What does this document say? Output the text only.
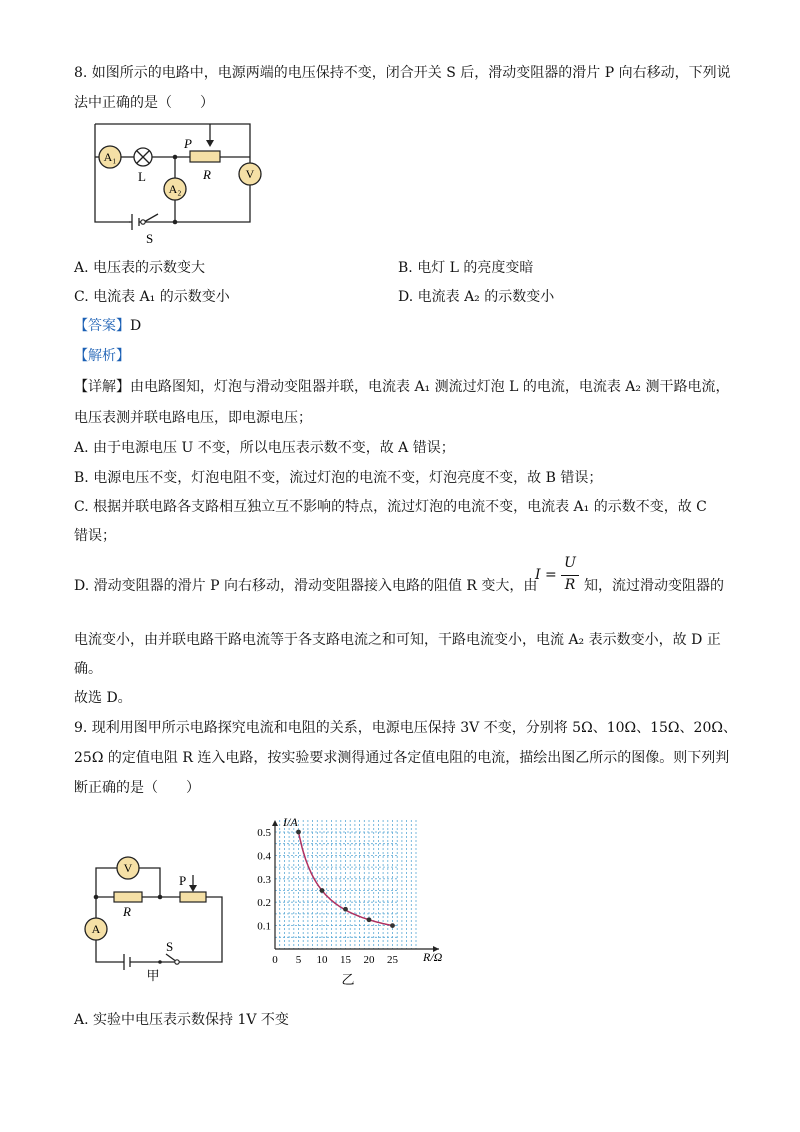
8. 如图所示的电路中，电源两端的电压保持不变，闭合开关 S 后，滑动变阻器的滑片 P 向右移动，下列说
法中正确的是（　　）
A₁
A₂
V
L
P
R
S
A. 电压表的示数变大	B. 电灯 L 的亮度变暗
C. 电流表 A₁ 的示数变小	D. 电流表 A₂ 的示数变小
【答案】D
【解析】
【详解】由电路图知，灯泡与滑动变阻器并联，电流表 A₁ 测流过灯泡 L 的电流，电流表 A₂ 测干路电流，
电压表测并联电路电压，即电源电压；
A. 由于电源电压 U 不变，所以电压表示数不变，故 A 错误；
B. 电源电压不变，灯泡电阻不变，流过灯泡的电流不变，灯泡亮度不变，故 B 错误；
C. 根据并联电路各支路相互独立互不影响的特点，流过灯泡的电流不变，电流表 A₁ 的示数不变，故 C
错误；
D. 滑动变阻器的滑片 P 向右移动，滑动变阻器接入电路的阻值 R 变大，由
I =
U
R 知，流过滑动变阻器的
电流变小，由并联电路干路电流等于各支路电流之和可知，干路电流变小，电流 A₂ 表示数变小，故 D 正
确。
故选 D。
9. 现利用图甲所示电路探究电流和电阻的关系，电源电压保持 3V 不变，分别将 5Ω、10Ω、15Ω、20Ω、
25Ω 的定值电阻 R 连入电路，按实验要求测得通过各定值电阻的电流，描绘出图乙所示的图像。则下列判
断正确的是（　　）
V
A
R
P
S
甲
0 5 10 15 20 25
0.1
0.2
0.3
0.4
0.5
I/A
R/Ω
乙
A. 实验中电压表示数保持 1V 不变
